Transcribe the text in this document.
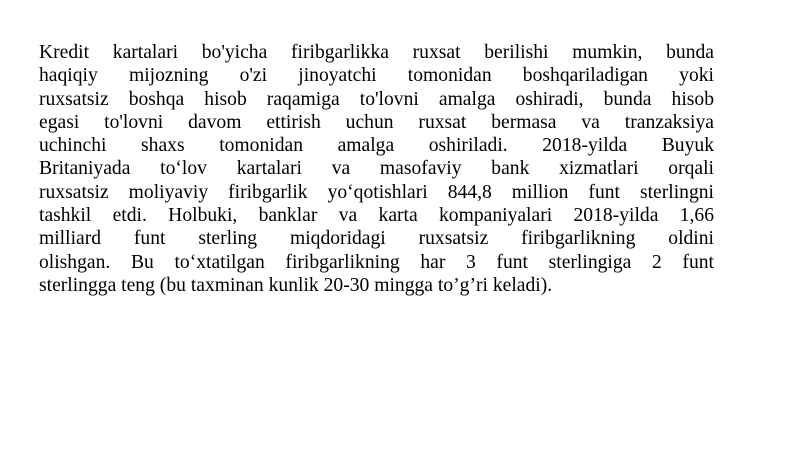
Kredit kartalari bo'yicha firibgarlikka ruxsat berilishi mumkin, bunda
haqiqiy mijozning o'zi jinoyatchi tomonidan boshqariladigan yoki
ruxsatsiz boshqa hisob raqamiga to'lovni amalga oshiradi, bunda hisob
egasi to'lovni davom ettirish uchun ruxsat bermasa va tranzaksiya
uchinchi shaxs tomonidan amalga oshiriladi. 2018-yilda Buyuk
Britaniyada to‘lov kartalari va masofaviy bank xizmatlari orqali
ruxsatsiz moliyaviy firibgarlik yo‘qotishlari 844,8 million funt sterlingni
tashkil etdi. Holbuki, banklar va karta kompaniyalari 2018-yilda 1,66
milliard funt sterling miqdoridagi ruxsatsiz firibgarlikning oldini
olishgan. Bu to‘xtatilgan firibgarlikning har 3 funt sterlingiga 2 funt
sterlingga teng (bu taxminan kunlik 20-30 mingga to’g’ri keladi).
